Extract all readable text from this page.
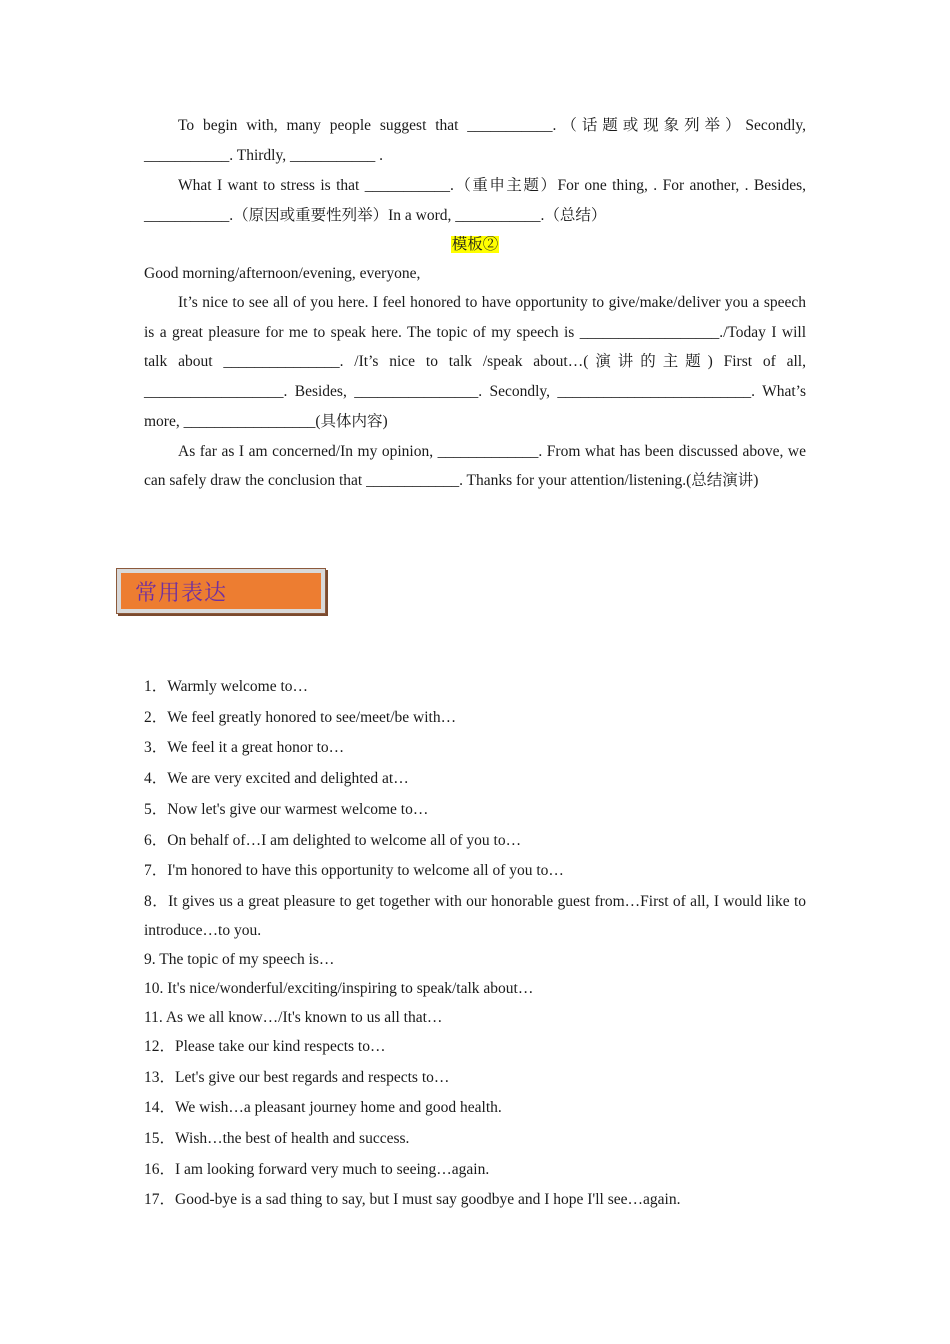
To begin with, many people suggest that ___________.（话题或现象列举）Secondly, ___________. Thirdly, ___________ .

What I want to stress is that ___________.（重申主题）For one thing, . For another, . Besides, ___________.（原因或重要性列举）In a word, ___________.（总结）

模板②

Good morning/afternoon/evening, everyone,

It’s nice to see all of you here. I feel honored to have opportunity to give/make/deliver you a speech is a great pleasure for me to speak here. The topic of my speech is __________________./Today I will talk about _______________. /It’s nice to talk /speak about…(演讲的主题) First of all, __________________. Besides, ________________. Secondly, _________________________. What’s more, _________________(具体内容)

As far as I am concerned/In my opinion, _____________. From what has been discussed above, we can safely draw the conclusion that ____________. Thanks for your attention/listening.(总结演讲)

常用表达

1．Warmly welcome to…

2．We feel greatly honored to see/meet/be with…

3．We feel it a great honor to…

4．We are very excited and delighted at…

5．Now let's give our warmest welcome to…

6．On behalf of…I am delighted to welcome all of you to…

7．I'm honored to have this opportunity to welcome all of you to…

8．It gives us a great pleasure to get together with our honorable guest from…First of all, I would like to introduce…to you.

9. The topic of my speech is…

10. It's nice/wonderful/exciting/inspiring to speak/talk about…

11. As we all know…/It's known to us all that…

12．Please take our kind respects to…

13．Let's give our best regards and respects to…

14．We wish…a pleasant journey home and good health.

15．Wish…the best of health and success.

16．I am looking forward very much to seeing…again.

17．Good-bye is a sad thing to say, but I must say goodbye and I hope I'll see…again.
